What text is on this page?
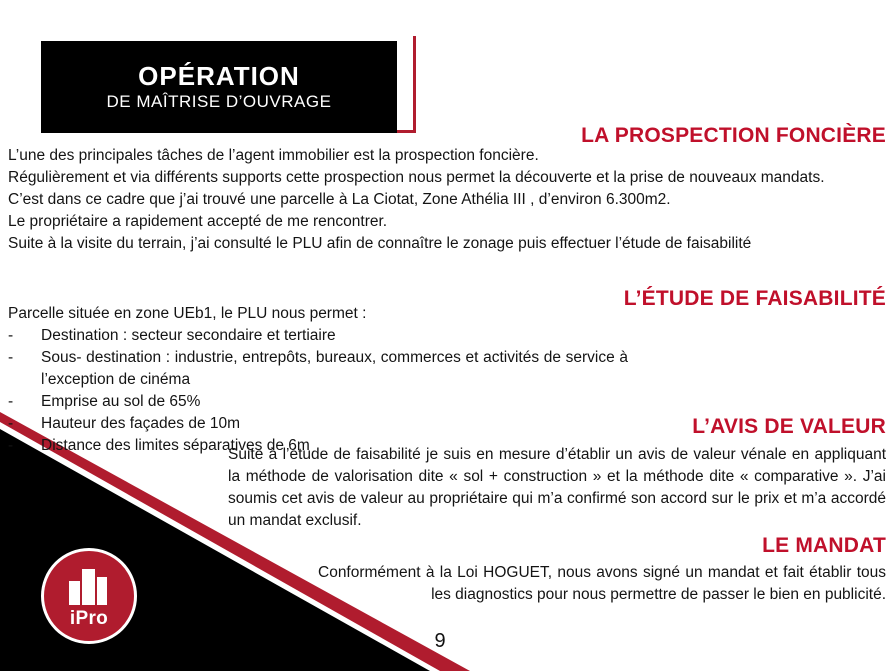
OPÉRATION
DE MAÎTRISE D’OUVRAGE
LA PROSPECTION FONCIÈRE

L’une des principales tâches de l’agent immobilier est la prospection foncière.

Régulièrement et via différents supports cette prospection nous permet la découverte et la prise de nouveaux mandats.

C’est dans ce cadre que j’ai trouvé une parcelle à La Ciotat, Zone Athélia III , d’environ 6.300m2.

Le propriétaire a rapidement accepté de me rencontrer.

Suite à la visite du terrain, j’ai consulté le PLU afin de connaître le zonage puis effectuer l’étude de faisabilité

L’ÉTUDE DE FAISABILITÉ

Parcelle située en zone UEb1, le PLU nous permet :

- Destination : secteur secondaire et tertiaire
- Sous- destination : industrie, entrepôts, bureaux, commerces et activités de service à l’exception de cinéma
- Emprise au sol de 65%
- Hauteur des façades de 10m
- Distance des limites séparatives de 6m
L’AVIS DE VALEUR

Suite à l’étude de faisabilité je suis en mesure d’établir un avis de valeur vénale en appliquant la méthode de valorisation dite « sol + construction » et la méthode dite « comparative ». J’ai soumis cet avis de valeur au propriétaire qui m’a confirmé son accord sur le prix et m’a accordé un mandat exclusif.

LE MANDAT

Conformément à la Loi HOGUET, nous avons signé un mandat et fait établir tous les diagnostics pour nous permettre de passer le bien en publicité.

iPro
9
